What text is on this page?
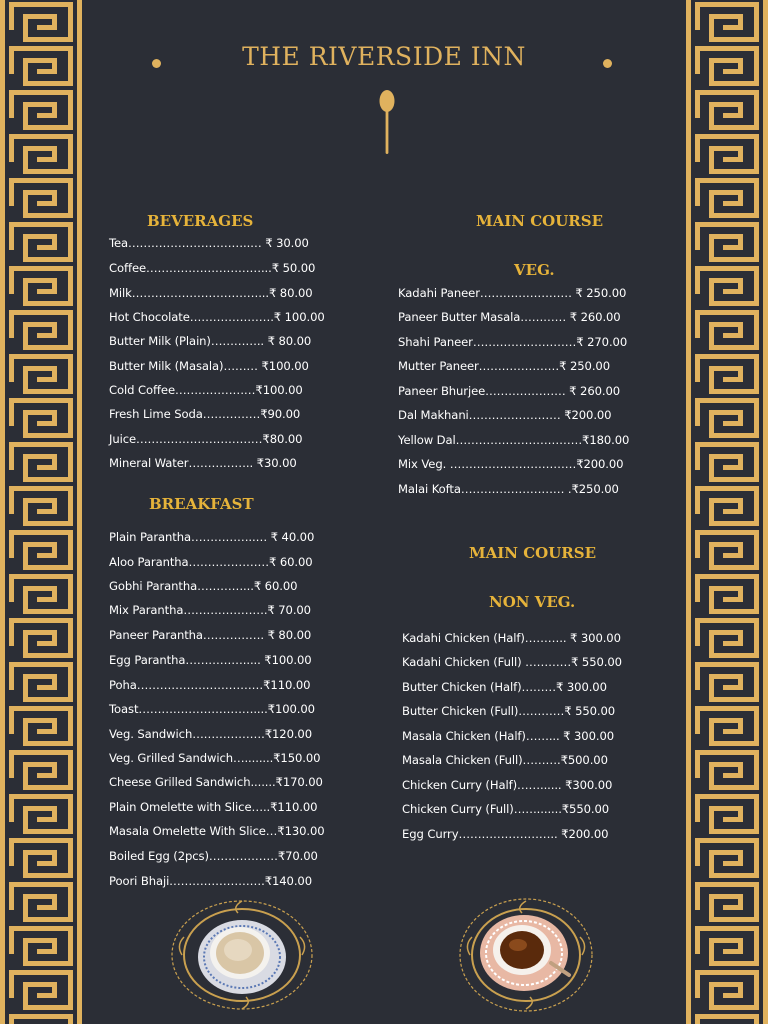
THE RIVERSIDE INN
BEVERAGES
Tea…………………………..… ₹ 30.00
Coffee…………………………...₹ 50.00
Milk……………………………...₹ 80.00
Hot Chocolate………………….₹ 100.00
Butter Milk (Plain)………….. ₹ 80.00
Butter Milk (Masala)……… ₹100.00
Cold Coffee…………………₹100.00
Fresh Lime Soda……………₹90.00
Juice……………………………₹80.00
Mineral Water…………….. ₹30.00
BREAKFAST
Plain Parantha……………..… ₹ 40.00
Aloo Parantha…………………₹ 60.00
Gobhi Parantha…………...₹ 60.00
Mix Parantha………………….₹ 70.00
Paneer Parantha……………. ₹ 80.00
Egg Parantha……………..... ₹100.00
Poha……………………………₹110.00
Toast…………………………....₹100.00
Veg. Sandwich……………….₹120.00
Veg. Grilled Sandwich…........₹150.00
Cheese Grilled Sandwich.......₹170.00
Plain Omelette with Slice…..₹110.00
Masala Omelette With Slice…₹130.00
Boiled Egg (2pcs)………………₹70.00
Poori Bhaji…………………….₹140.00
MAIN COURSE
VEG.
Kadahi Paneer…………………… ₹ 250.00
Paneer Butter Masala………… ₹ 260.00
Shahi Paneer………………………₹ 270.00
Mutter Paneer…………………₹ 250.00
Paneer Bhurjee………………… ₹ 260.00
Dal Makhani…………………… ₹200.00
Yellow Dal……………………………₹180.00
Mix Veg. ……………………………₹200.00
Malai Kofta……………………… .₹250.00
MAIN COURSE
NON VEG.
Kadahi Chicken (Half)……….. ₹ 300.00
Kadahi Chicken (Full) …………₹ 550.00
Butter Chicken (Half)………₹ 300.00
Butter Chicken (Full)…………₹ 550.00
Masala Chicken (Half)……... ₹ 300.00
Masala Chicken (Full)……….₹500.00
Chicken Curry (Half)……...... ₹300.00
Chicken Curry (Full)…….......₹550.00
Egg Curry…………………….. ₹200.00
